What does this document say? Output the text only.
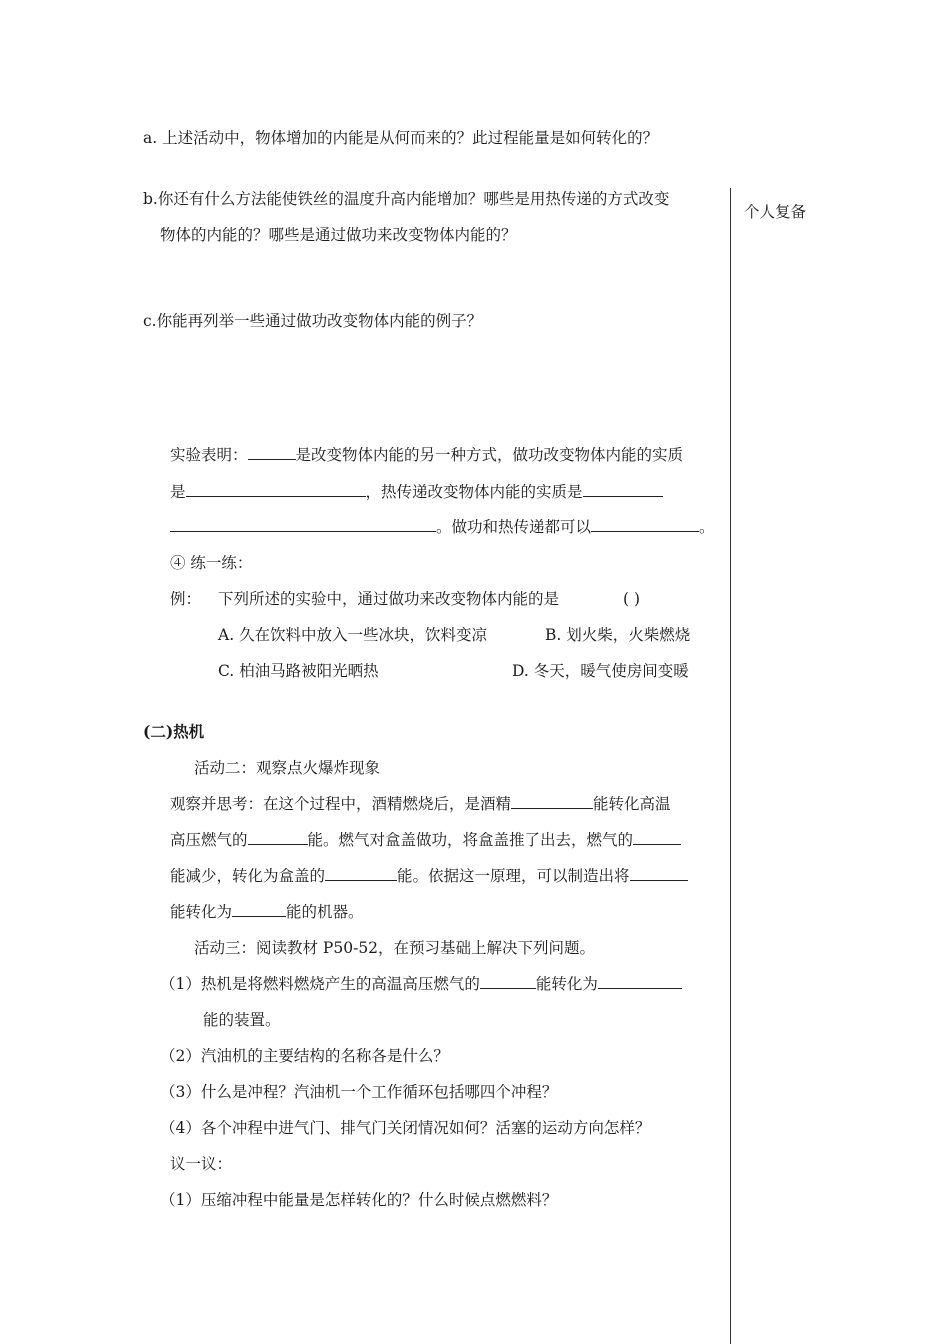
个人复备
a. 上述活动中，物体增加的内能是从何而来的？此过程能量是如何转化的？
b.你还有什么方法能使铁丝的温度升高内能增加？哪些是用热传递的方式改变
物体的内能的？哪些是通过做功来改变物体内能的？
c.你能再列举一些通过做功改变物体内能的例子？
实验表明：	是改变物体内能的另一种方式，做功改变物体内能的实质
是	，热传递改变物体内能的实质是
。做功和热传递都可以	。
④ 练一练：
例： 下列所述的实验中，通过做功来改变物体内能的是	( )
A. 久在饮料中放入一些冰块，饮料变凉	B. 划火柴，火柴燃烧
C. 柏油马路被阳光晒热	D. 冬天，暖气使房间变暖
(二)热机
活动二：观察点火爆炸现象
观察并思考：在这个过程中，酒精燃烧后，是酒精	能转化高温
高压燃气的	能。燃气对盒盖做功，将盒盖推了出去，燃气的
能减少，转化为盒盖的	能。依据这一原理，可以制造出将
能转化为	能的机器。
活动三：阅读教材 P50-52，在预习基础上解决下列问题。
（1）热机是将燃料燃烧产生的高温高压燃气的	能转化为
能的装置。
（2）汽油机的主要结构的名称各是什么？
（3）什么是冲程？汽油机一个工作循环包括哪四个冲程？
（4）各个冲程中进气门、排气门关闭情况如何？活塞的运动方向怎样？
议一议：
（1）压缩冲程中能量是怎样转化的？什么时候点燃燃料？
